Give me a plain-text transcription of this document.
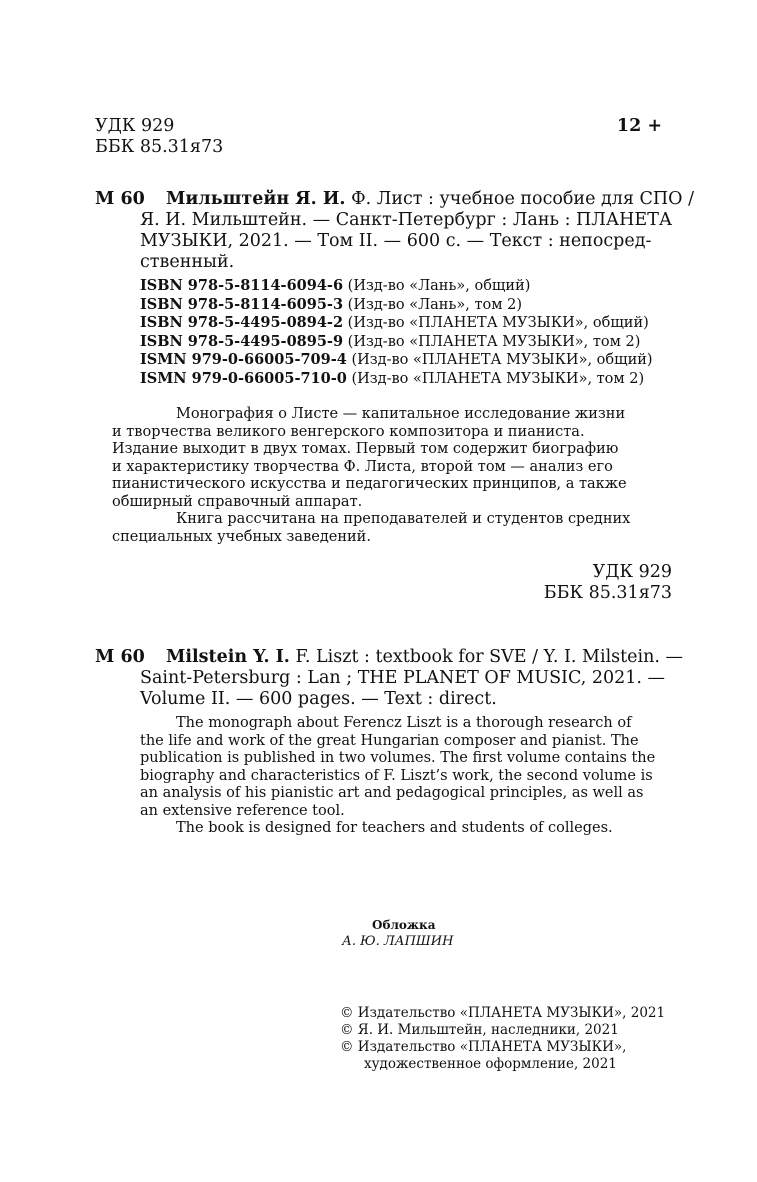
УДК 929
ББК 85.31я73
12 +
М 60 Мильштейн Я. И. Ф. Лист : учебное пособие для СПО /
Я. И. Мильштейн. — Санкт-Петербург : Лань : ПЛАНЕТА
МУЗЫКИ, 2021. — Том II. — 600 с. — Текст : непосред-
ственный.
ISBN 978-5-8114-6094-6 (Изд-во «Лань», общий)
ISBN 978-5-8114-6095-3 (Изд-во «Лань», том 2)
ISBN 978-5-4495-0894-2 (Изд-во «ПЛАНЕТА МУЗЫКИ», общий)
ISBN 978-5-4495-0895-9 (Изд-во «ПЛАНЕТА МУЗЫКИ», том 2)
ISMN 979-0-66005-709-4 (Изд-во «ПЛАНЕТА МУЗЫКИ», общий)
ISMN 979-0-66005-710-0 (Изд-во «ПЛАНЕТА МУЗЫКИ», том 2)
Монография о Листе — капитальное исследование жизни
и творчества великого венгерского композитора и пианиста.
Издание выходит в двух томах. Первый том содержит биографию
и характеристику творчества Ф. Листа, второй том — анализ его
пианистического искусства и педагогических принципов, а также
обширный справочный аппарат.
Книга рассчитана на преподавателей и студентов средних
специальных учебных заведений.
УДК 929
ББК 85.31я73
М 60 Milstein Y. I. F. Liszt : textbook for SVE / Y. I. Milstein. —
Saint-Petersburg : Lan ; THE PLANET OF MUSIC, 2021. —
Volume II. — 600 pages. — Text : direct.
The monograph about Ferencz Liszt is a thorough research of
the life and work of the great Hungarian composer and pianist. The
publication is published in two volumes. The first volume contains the
biography and characteristics of F. Liszt’s work, the second volume is
an analysis of his pianistic art and pedagogical principles, as well as
an extensive reference tool.
The book is designed for teachers and students of colleges.
Обложка
А. Ю. ЛАПШИН
© Издательство «ПЛАНЕТА МУЗЫКИ», 2021
© Я. И. Мильштейн, наследники, 2021
© Издательство «ПЛАНЕТА МУЗЫКИ»,
художественное оформление, 2021
